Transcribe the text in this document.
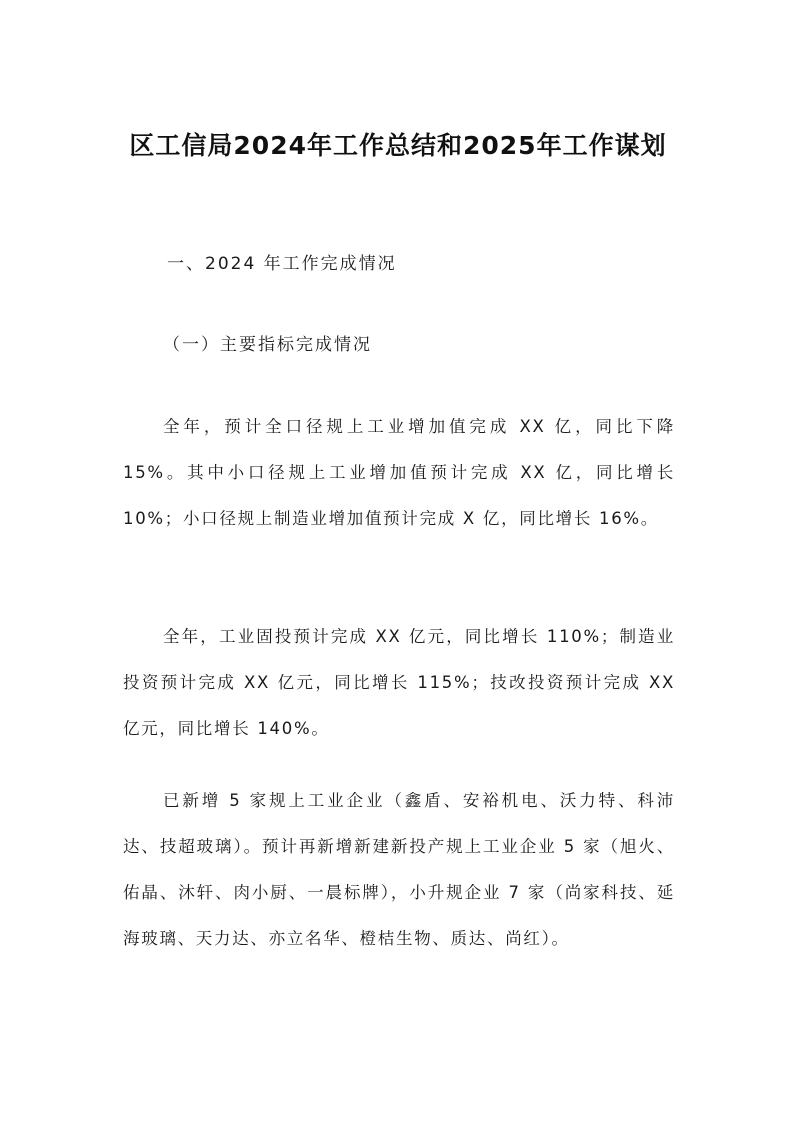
区工信局2024年工作总结和2025年工作谋划
一、2024 年工作完成情况
（一）主要指标完成情况
全年，预计全口径规上工业增加值完成 XX 亿，同比下降 15%。其中小口径规上工业增加值预计完成 XX 亿，同比增长 10%；小口径规上制造业增加值预计完成 X 亿，同比增长 16%。
全年，工业固投预计完成 XX 亿元，同比增长 110%；制造业投资预计完成 XX 亿元，同比增长 115%；技改投资预计完成 XX 亿元，同比增长 140%。
已新增 5 家规上工业企业（鑫盾、安裕机电、沃力特、科沛达、技超玻璃）。预计再新增新建新投产规上工业企业 5 家（旭火、佑晶、沐轩、肉小厨、一晨标牌），小升规企业 7 家（尚家科技、延海玻璃、天力达、亦立名华、橙桔生物、质达、尚红）。
